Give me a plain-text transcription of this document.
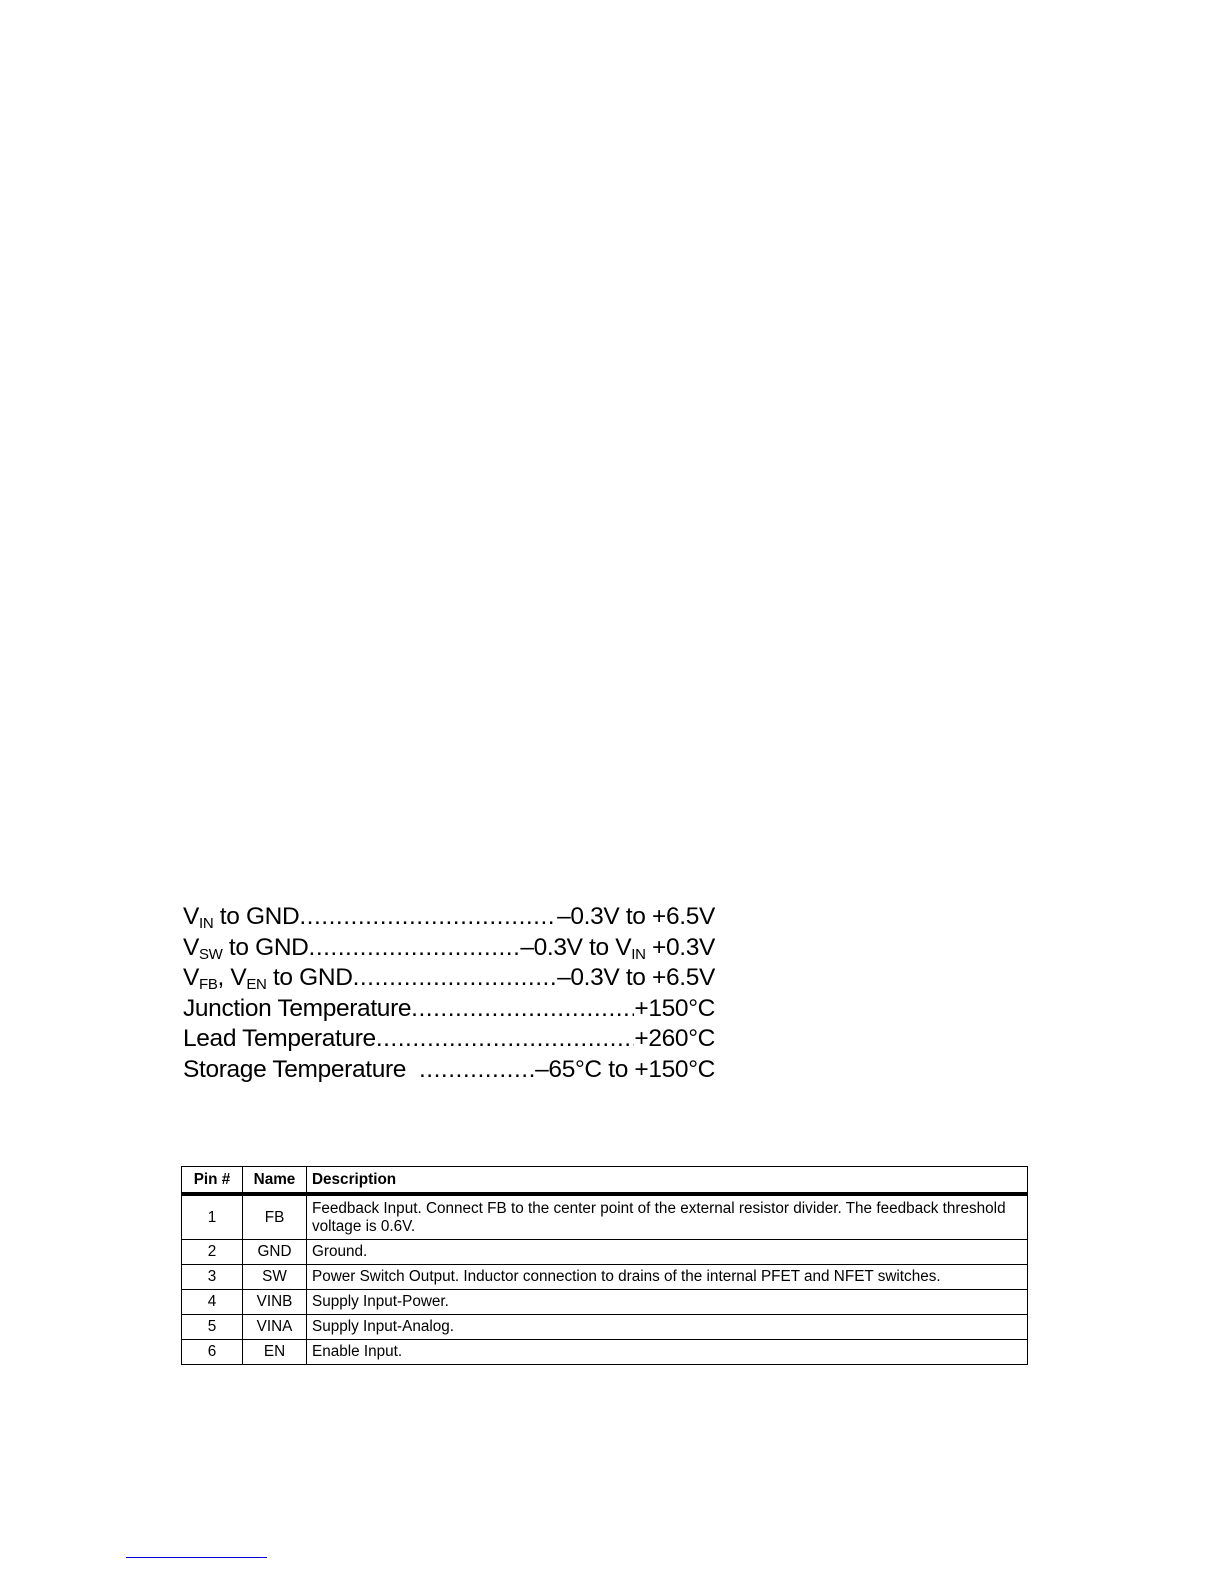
$V_{IN}$ to GND .....	–0.3V to +6.5V
$V_{SW}$ to GND .....	–0.3V to $V_{IN} +0.3V$
$V_{FB}$, $V_{EN}$ to GND .....	–0.3V to +6.5V
Junction Temperature .....	+150°C
Lead Temperature .....	+260°C
Storage Temperature .....	–65°C to +150°C
Pin #	Name	Description
1	FB	Feedback Input. Connect FB to the center point of the external resistor divider. The feedback threshold voltage is 0.6V.
2	GND	Ground.
3	SW	Power Switch Output. Inductor connection to drains of the internal PFET and NFET switches.
4	VINB	Supply Input-Power.
5	VINA	Supply Input-Analog.
6	EN	Enable Input.
